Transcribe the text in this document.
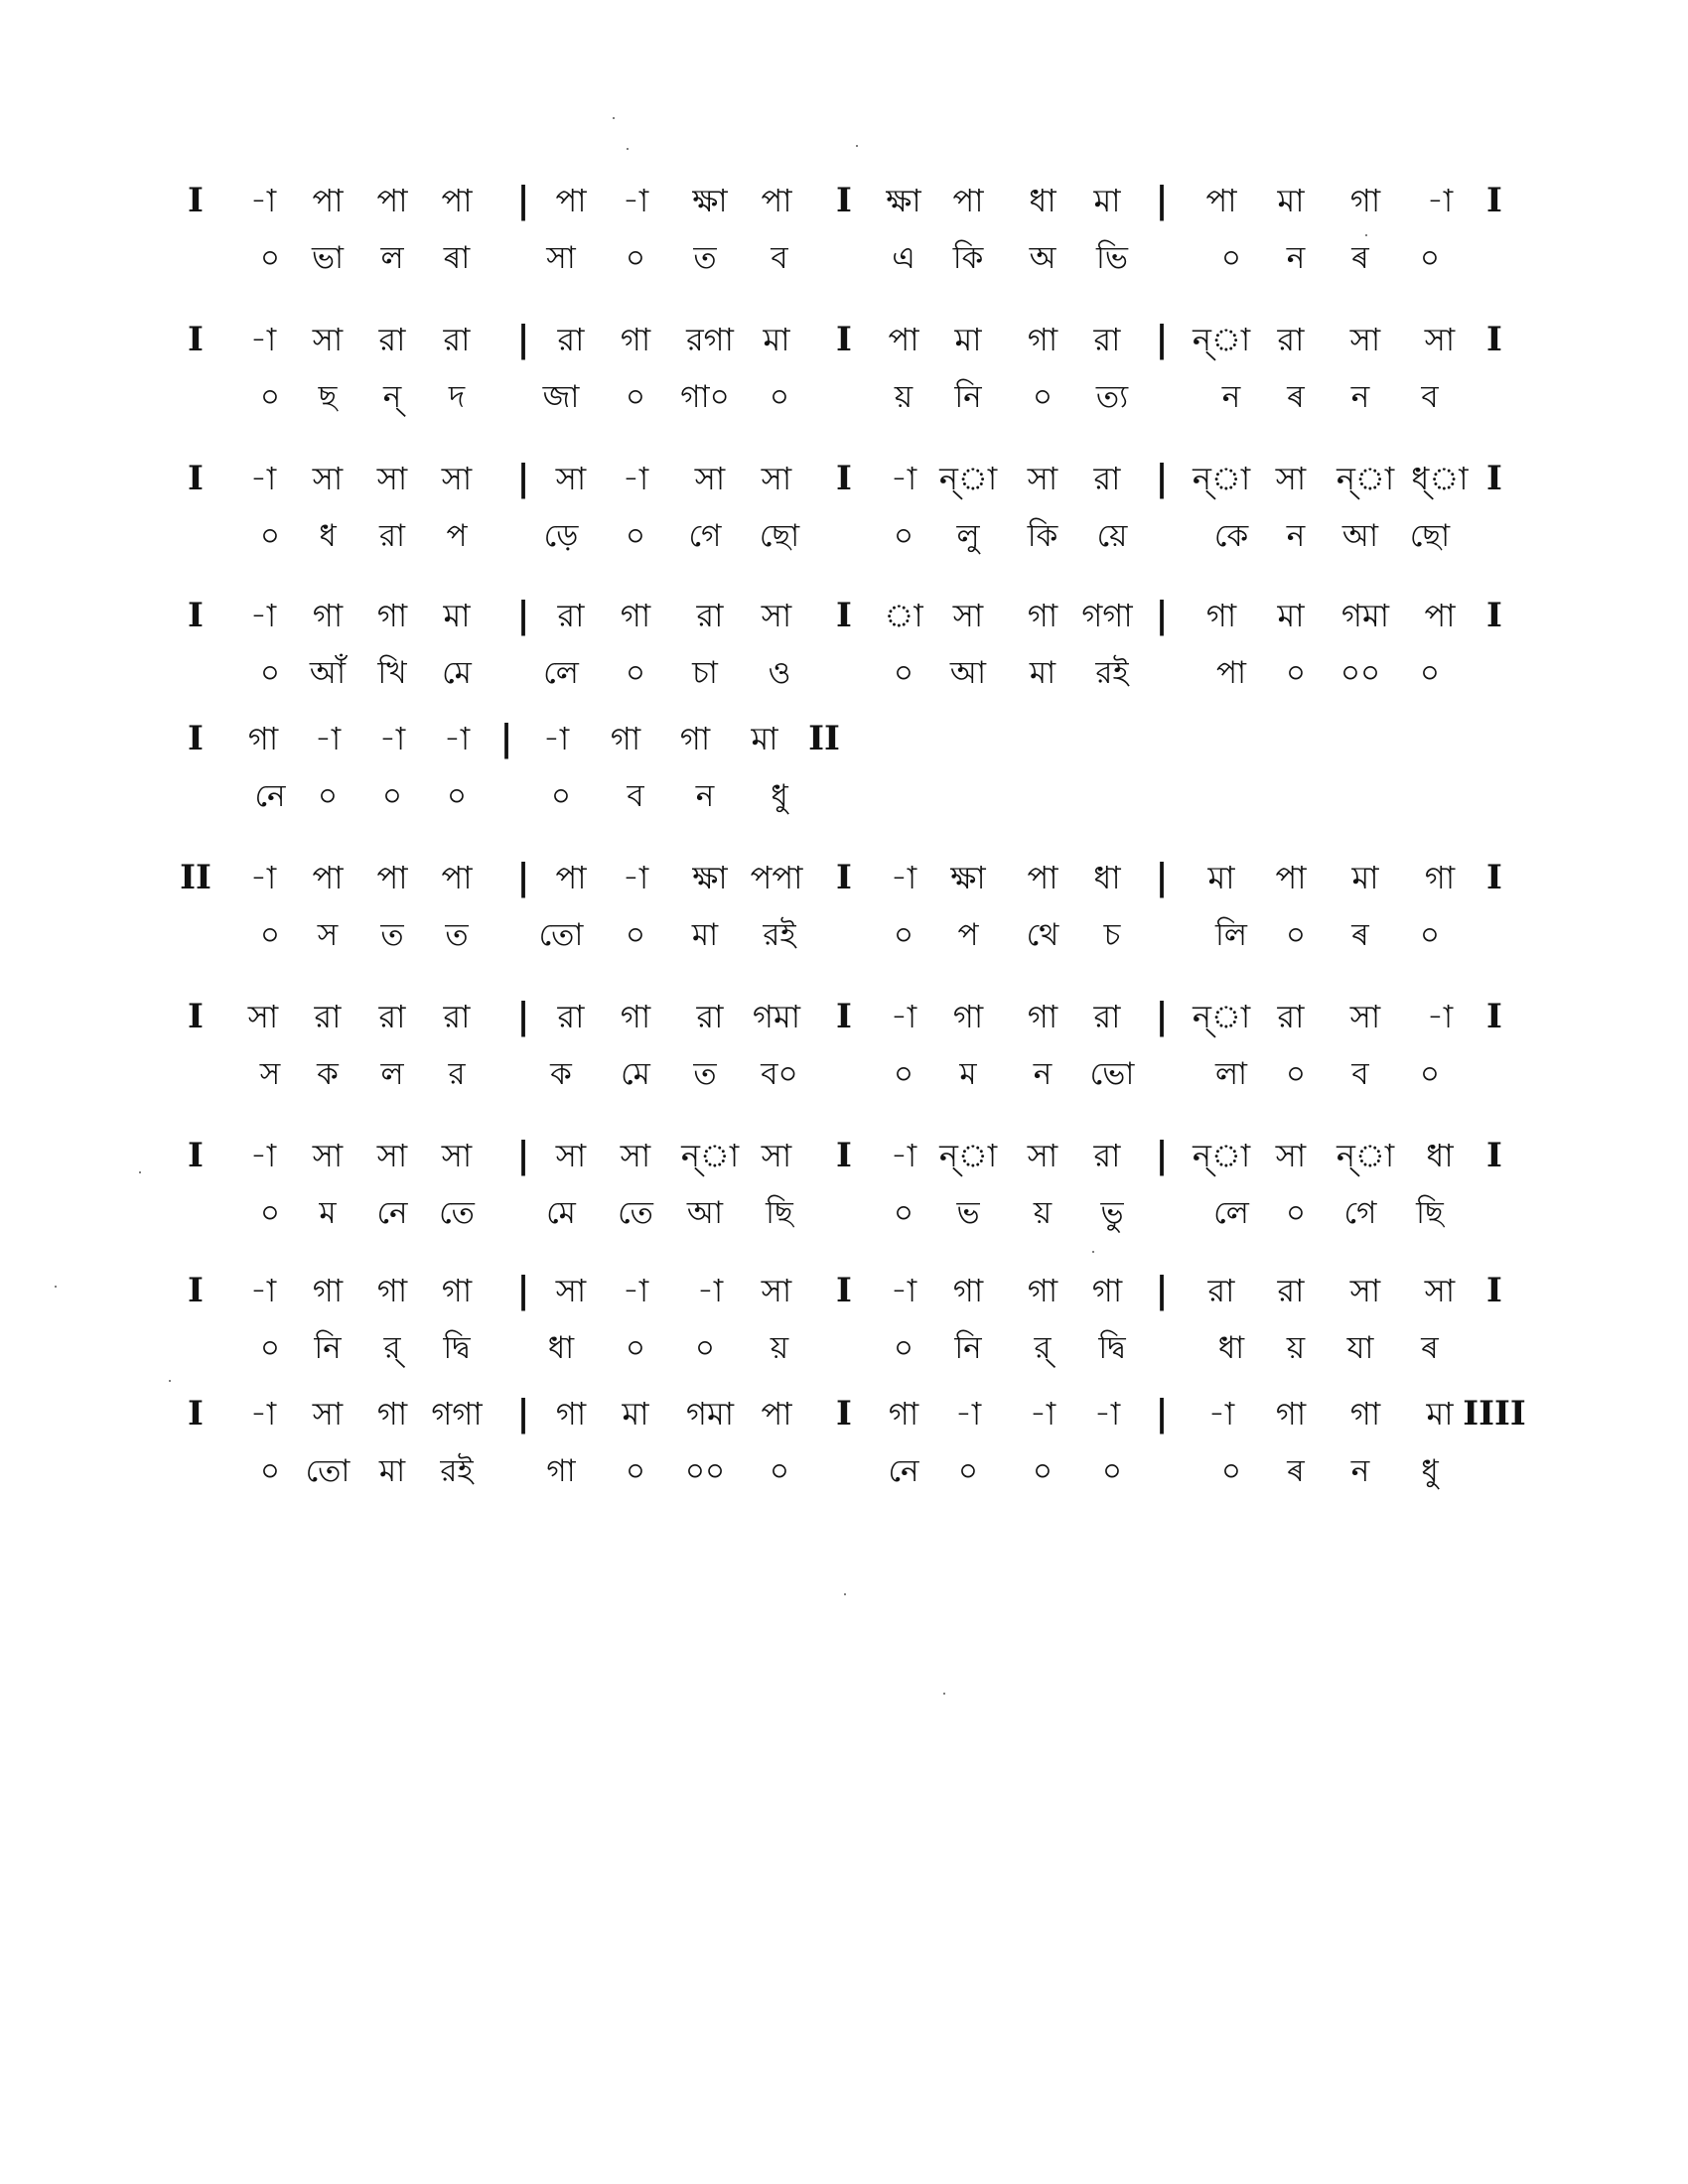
I -া পা পা পা | পা -া ক্ষা পা I ক্ষা পা ধা মা | পা মা গা -া I
০ ভা ল ৰা সা ০ ত ব	এ কি অ ভি	০ ন ৰ ০
I -া সা রা রা | রা গা রগা মা I পা মা গা রা | ন্া রা সা সা I
০ ছ ন্ দ	জা ০ গা০ ০	য় নি ০ ত্য	ন ৰ ন ব
I -া সা সা সা | সা -া সা সা I -া ন্া সা রা | ন্া সা ন্া ধ্া I
০ ধ রা প ড়ে ০ গে ছো	০ লু কি য়ে	কে ন আ ছো
I -া গা গা মা | রা গা রা সা I া সা গা গগা | গা মা গমা পা I
০ আঁ খি মে লে ০ চা ও	০ আ মা রই	পা ০ ০০ ০
I গা -া -া -া | -া গা গা মা II
নে ০ ০ ০	০ ব ন ধু
II -া পা পা পা | পা -া ক্ষা পপা I -া ক্ষা পা ধা | মা পা মা গা I
০ স ত ত তো ০ মা রই	০ প থে চ	লি ০ ৰ ০
I সা রা রা রা | রা গা রা গমা I -া গা গা রা | ন্া রা সা -া I
স ক ল র	ক মে ত ব০	০ ম ন ভো	লা ০ ব ০
I -া সা সা সা | সা সা ন্া সা I -া ন্া সা রা | ন্া সা ন্া ধা I
০ ম নে তে মে তে আ ছি	০ ভ য় ভু	লে ০ গে ছি
I -া গা গা গা | সা -া -া সা I -া গা গা গা | রা রা সা সা I
০ নি র্ দ্বি	ধা ০ ০ য়	০ নি র্ দ্বি	ধা য় যা ৰ
I -া সা গা গগা | গা মা গমা পা I গা -া -া -া | -া গা গা মা IIII
০ তো মা রই গা ০ ০০ ০	নে ০ ০ ০	০ ৰ ন ধু
